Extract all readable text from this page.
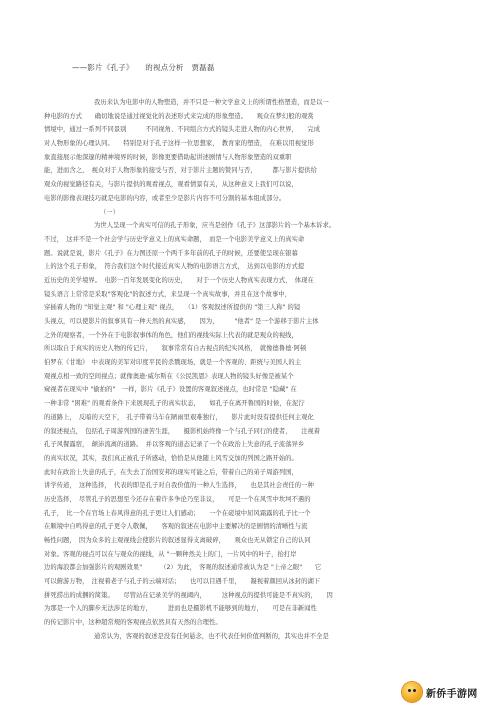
——影片《孔子》　　的视点分析　贾磊磊
我历来认为电影中的人物塑造，并不只是一种文学意义上的所谓性格塑造，而是以一
种电影的方式　　确切地说是通过视觉化的表述形式来完成的形象塑造。　　观众在梦幻般的观赏
情境中，通过一系列不同景别　　　不同视角、不同组合方式的镜头走进人物的内心世界，　　完成
对人物形象的心理认同。　　特别是对于孔子这样一位思想家，　教育家的塑造，　在难以用视觉形
象直接展示他深邃的精神境界的时候，影像更要借助起讲述剧情与人物形象塑造的双重职
能，进而含之，　视众对于人物形象的接受与否，对于影片主题的赞同与否，　　　都与影片提供给
观众的视觉路径有关，与影片提供的观看视点，观看情景有关，从这种意义上我们可以说，
电影的影像表现技巧就是电影的内容，或者至少是影片内容不可分割的基本组成部分。
（一）
为世人呈现一个真实可信的孔子形象，应当是创作《孔子》这部影片的一个基本诉求。
不过，　这并不是一个社会学与历史学意义上的真实命题，　而是一个电影美学意义上的真实命
题。说就是说，影片《孔子》在力图还原一个两千多年前的孔子的时候，还要使呈现在银幕
上的这个孔子形象，　符合我们这个时代接近真实人物的电影语言方式，　达到以电影的方式提
近历史的美学境界。　电影一百年发展变化的历史，　　对于一个历史人物真实表现方式，　体现在
镜头语言上常常是采取"客观化"的叙述方式，来呈现一个真实故事，并且在这个故事中，
穿插着人物的 "知觉主观" 和 "心理主观" 视点，　　（1）客观叙述所提供的 "第三人称" 的镜
头视点，可以使影片的叙事具有一种天然的真实感，　　因为，　　　"他者" 是一个游移于影片主体
之外的观察者，一个外在于电影叙事体的角色，他们的视线实际上代表的就是观众的视线，
所以取自于真实的历史人物的传记片，　　叙事常常有自古视点的纪实风格，　就像德鲁德·阿顿
伯罗在《甘地》　中表现的美军对印度平民的杀戮现场，就是一个客观的、距统与美国人的主
观视点相一致的空间视点；就像奥逊·威尔斯在《公民凯恩》表现人物的镜头好像是被某个
窥视者在现实中 "偷拍的"　一样，影片《孔子》设置的客观叙述视点，也时常是 "隐藏" 在
一种非常 "困难" 的观看条件下来展现孔子的真实状态，　　如孔子在离开鲁国的时候，在泥泞
的道路上，　反暗的天空下，　孔子带着马车在陋雨里艰难独行，　　影片此时设有提供任何主观化
的叙述视点，　包括孔子周游列国的凄苦生涯，　　摄影机始终像一个与孔子同行的使者，　　注视着
孔子风餐露宿，　颠沛流离的道路。　并以客观的道态记录了一个在政治上失意的孔子流落异乡
的真实状况，其实，我们真正被孔子所感动，恰恰是从他随上风雪交加的列国之路开始的。
此时在政治上失意的孔子，在失去了治国安邦的现实可能之后，带着自己的弟子周游列国，
讲学传道，　这种选择，　代表的即是孔子对自我价值的一种人生选择，　　也是其社会责任的一种
历史选择，　尽管孔子的思想至今还存在着许多争论乃至非议，　　可是一个在风雪中坎坷不遇的
孔子，　比一个在官场上春风得意的孔子更让人们感动；　　一个在磋境中屈风霜露的孔子比一个
在顺境中自鸣得意的孔子更令人敬佩，　　客观的叙述在电影中主要解决的是剧情的清晰性与流
畅性问题，　因为众多的主观视线会使影片的叙述显得支离破碎，　　观众也无从锁定自己的认同
对象。客观的视点可以在与观众的视线，从 "一颗种然关上的门，一片风中的叶子，抬打岸
边的海浪都会加强影片的观剧效果" 　　　（2）为此，　客观的叙述通常被认为是 "上帝之眼"　　它
可以俯游万物，　注视着老子与孔子的云端对话；　　也可以目遇千里，　　凝视着颜回从冰封的湖下
拼死捞出的成捆的简策。　　尽管站在记录美学的视阈内，　　　这种视点的提供可能是不真实的，　　因
为那是一个人的脚步无法涉足的地方，　　　进而也是摄影机不能够到的地方，　　可是在非新闻性
的传记影片中，这种超常规的客观视点依然具有天然的合理性。
通常认为，客观的叙述是没有任何悬念，也不代表任何价值判断的，其实也并不全是
新侨手游网
